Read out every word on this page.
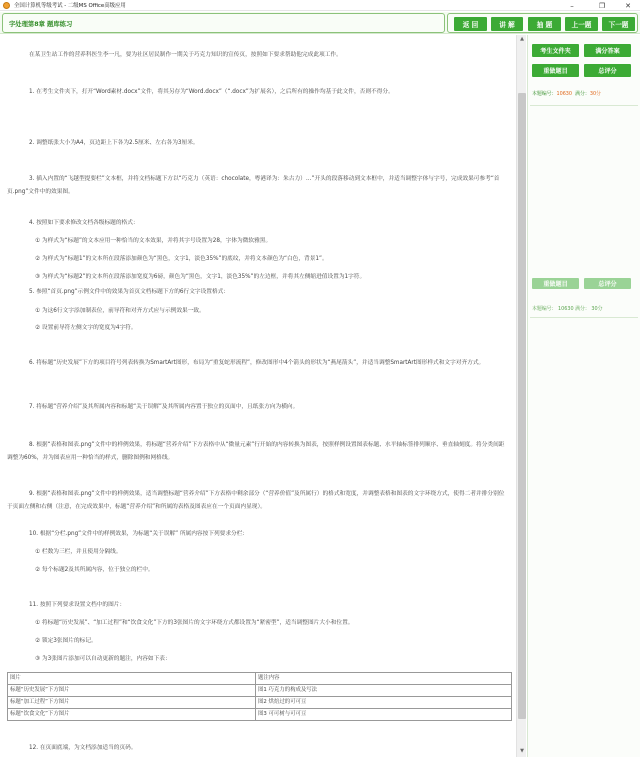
全国计算机等级考试 - 二级MS Office高级应用	–	❐	✕
字处理第8章 题库练习	返 回	讲 解	抽 题	上一题	下一题
在某卫生站工作的营养科医生李一凡，要为社区居民制作一期关于巧克力知识的宣传页，按照如下要求帮助他完成此项工作。
1. 在考生文件夹下，打开“Word素材.docx”文件，将其另存为“Word.docx”（“.docx”为扩展名），之后所有的操作均基于此文件，否则不得分。
2. 调整纸张大小为A4，页边距上下各为2.5厘米、左右各为3厘米。
3. 插入内置的“飞越型提要栏”文本框，并将文档标题下方以“巧克力（英语：chocolate，粤港译为：朱古力）…”开头的段落移动到文本框中，并适当调整字体与字号，完成效果可参考“首页.png”文件中的效果图。
4. 按照如下要求修改文档各级标题的格式：
① 为样式为“标题”的文本应用一种恰当的文本效果，并将其字号设置为28，字体为微软雅黑。
② 为样式为“标题1”的文本所在段落添加颜色为“黑色，文字1，淡色35%”的底纹，并将文本颜色为“白色，背景1”。
③ 为样式为“标题2”的文本所在段落添加宽度为6磅，颜色为“黑色，文字1，淡色35%”的左边框，并将其左侧缩进值设置为1字符。
5. 参照“首页.png”示例文件中的效果为首页文档标题下方的6行文字设置格式：
① 为这6行文字添加制表位，前导符和对齐方式应与示例效果一致。
② 设置前导符左侧文字的宽度为4字符。
6. 将标题“历史发展”下方的项目符号列表转换为SmartArt图形，布局为“重复蛇形流程”，修改图形中4个箭头的形状为“燕尾箭头”，并适当调整SmartArt图形样式和文字对齐方式。
7. 将标题“营养介绍”及其所属内容和标题“关于误解”及其所属内容置于独立的页面中，且纸张方向为横向。
8. 根据“表格和图表.png”文件中的样例效果，将标题“营养介绍”下方表格中从“微量元素”行开始的内容转换为图表，按照样例设置图表标题、水平轴标签排列顺序、垂直轴刻度。将分类间距调整为60%，并为图表应用一种恰当的样式，删除图例和网格线。
9. 根据“表格和图表.png”文件中的样例效果，适当调整标题“营养介绍”下方表格中剩余部分（“营养价值”及所属行）的格式和宽度，并调整表格和图表的文字环绕方式，使得二者并排分别位于页面左侧和右侧（注意，在完成效果中，标题“营养介绍”和所属的表格及图表应在一个页面内显现）。
10. 根据“分栏.png”文件中的样例效果，为标题“关于误解” 所属内容按下列要求分栏：
① 栏数为三栏，并且使用分隔线。
② 每个标题2及其所属内容，位于独立的栏中。
11. 按照下列要求设置文档中的图片：
① 将标题“历史发展”、“加工过程”和“饮食文化”下方的3张图片的文字环绕方式都设置为“紧密型”，适当调整图片大小和位置。
② 锁定3张图片的标记。
③ 为3张图片添加可以自动更新的题注，内容如下表：
图片	题注内容
标题“历史发展”下方图片	图1 巧克力的构成及写法
标题“加工过程”下方图片	图2 烘焙过的可可豆
标题“饮食文化”下方图片	图3 可可树与可可豆
12. 在页面底端，为文档添加适当的页码。
▲
▼
考生文件夹	满分答案
重做题目	总评分
本题编号：10630 满分：30分
重做题目	总评分
本题编号： 10630 满分： 30分
